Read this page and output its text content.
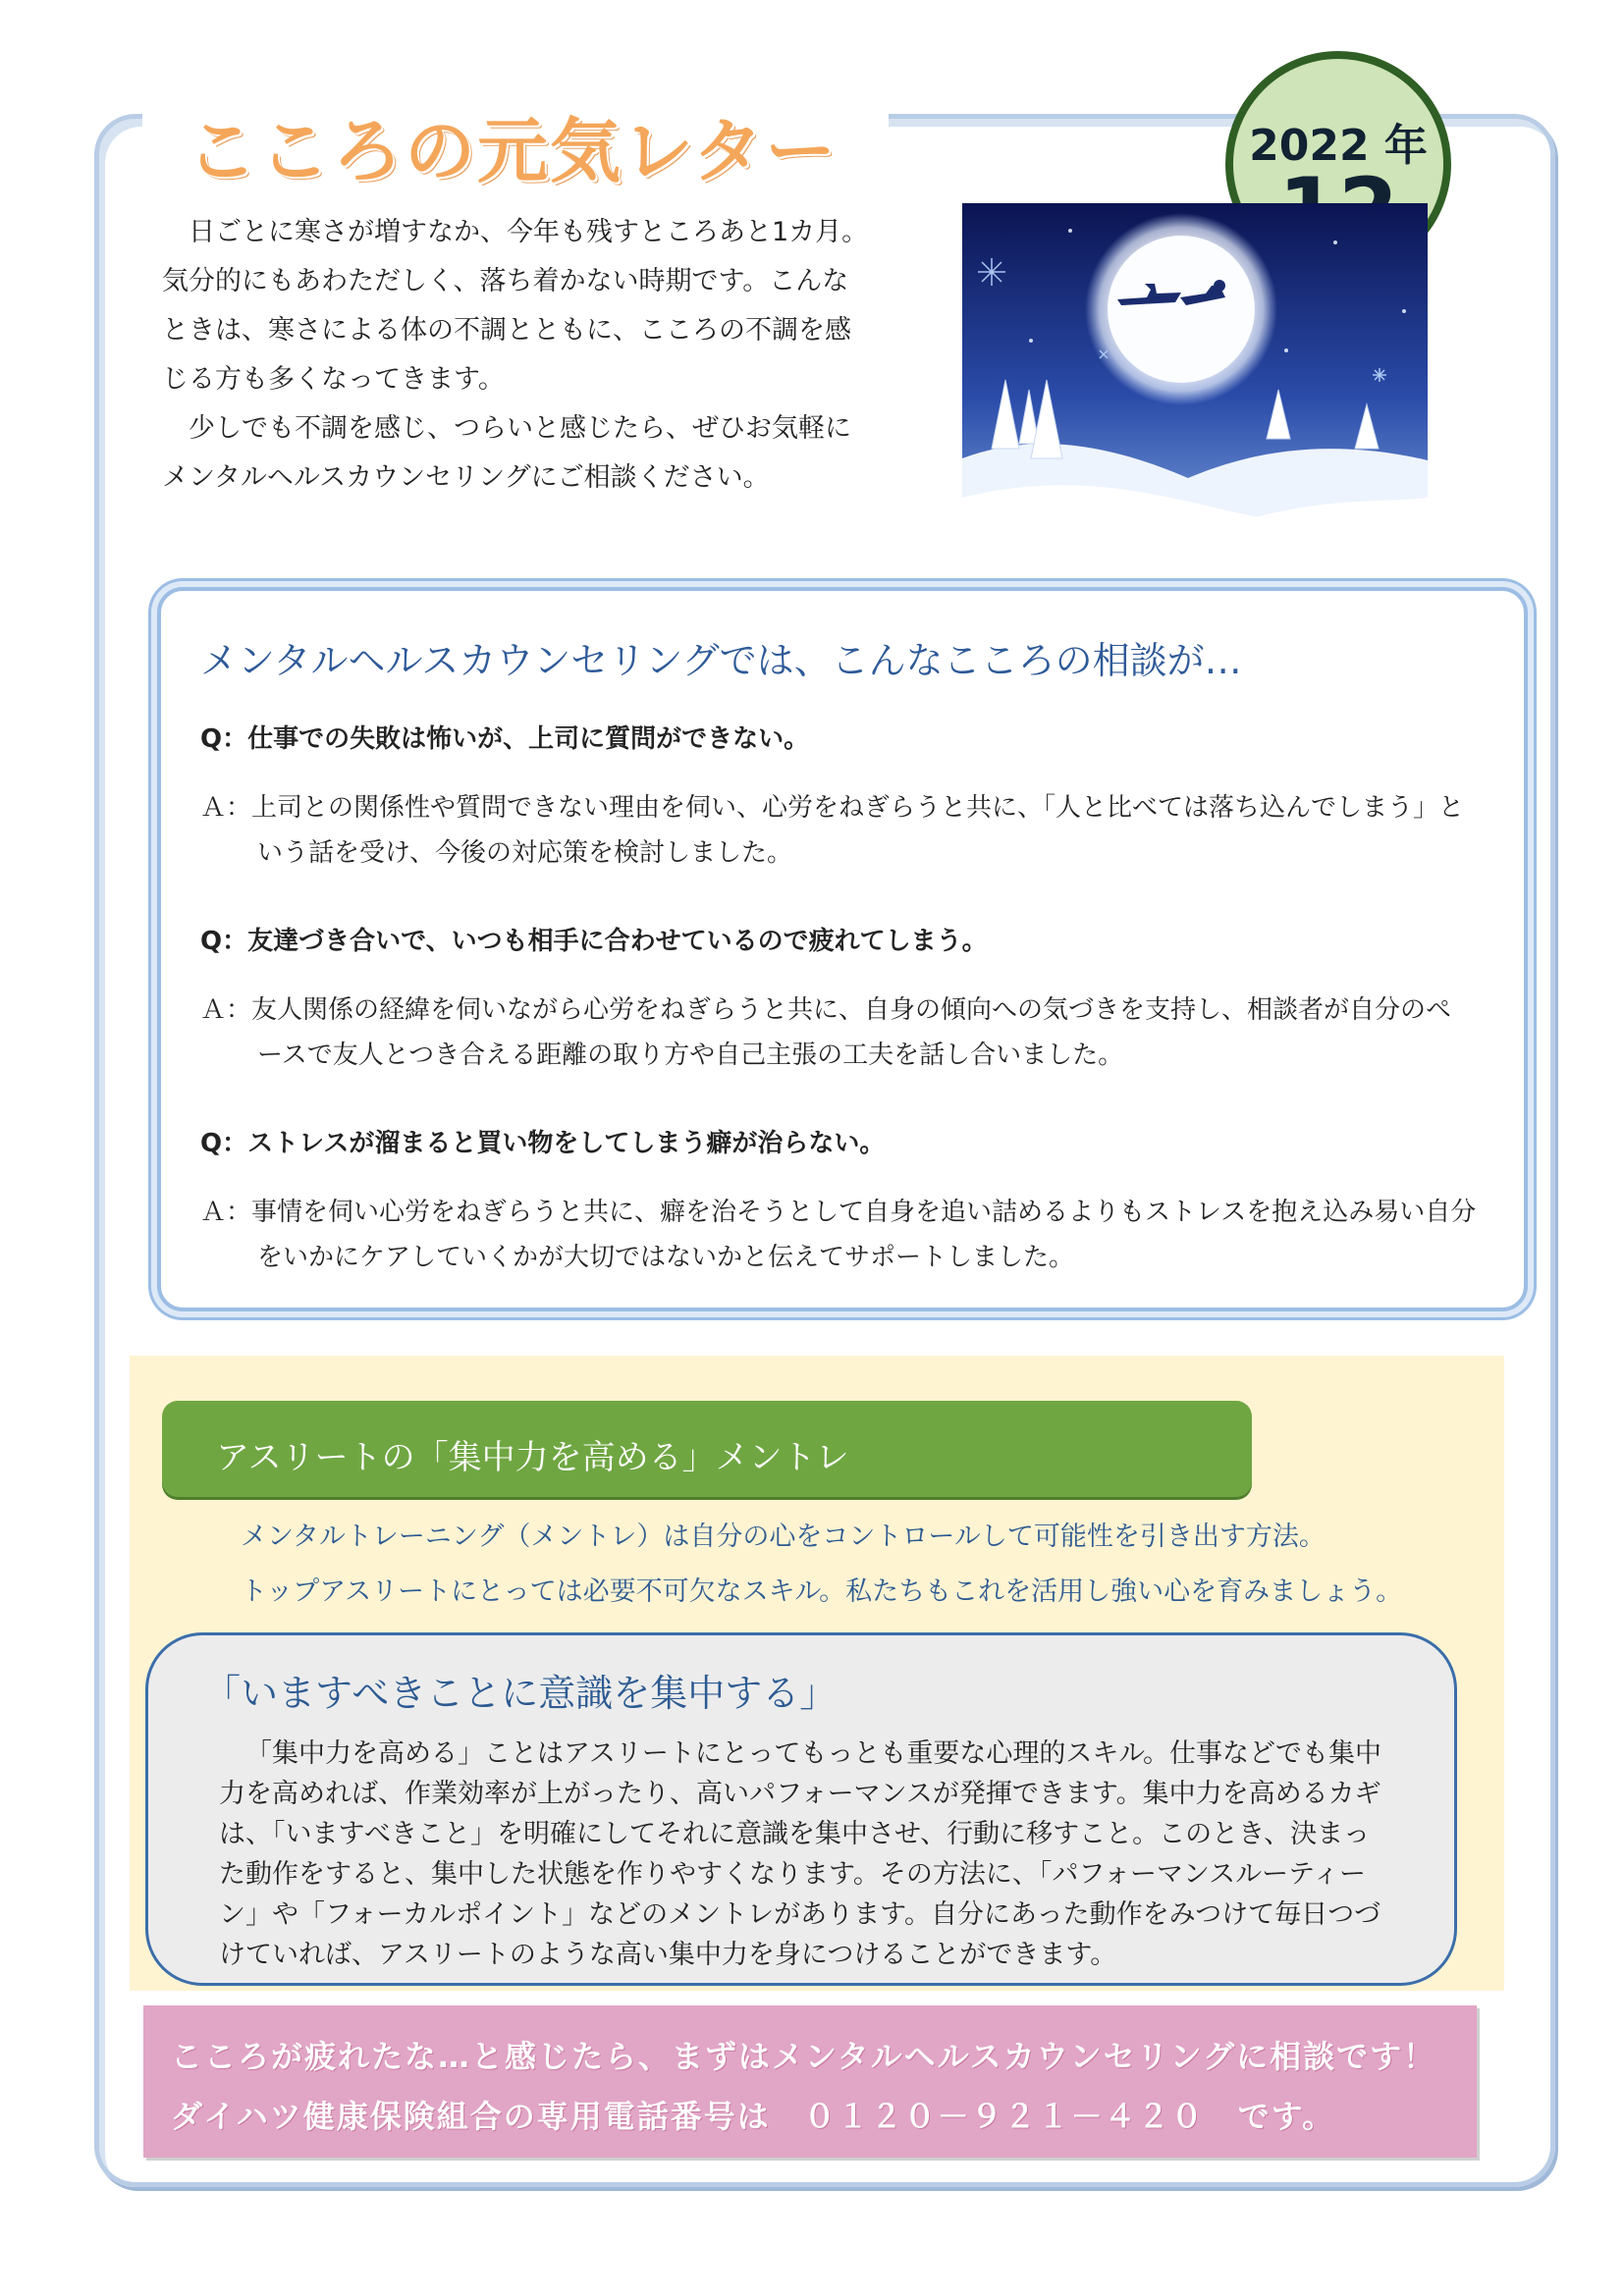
こころの元気レター	2022 年

日ごとに寒さが増すなか、今年も残すところあと1カ月。気分的にもあわただしく、落ち着かない時期です。こんなときは、寒さによる体の不調とともに、こころの不調を感じる方も多くなってきます。

少しでも不調を感じ、つらいと感じたら、ぜひお気軽にメンタルヘルスカウンセリングにご相談ください。

メンタルヘルスカウンセリングでは、こんなこころの相談が…
Q：仕事での失敗は怖いが、上司に質問ができない。
Ａ：上司との関係性や質問できない理由を伺い、心労をねぎらうと共に、「人と比べては落ち込んでしまう」という話を受け、今後の対応策を検討しました。
Q：友達づき合いで、いつも相手に合わせているので疲れてしまう。
Ａ：友人関係の経緯を伺いながら心労をねぎらうと共に、自身の傾向への気づきを支持し、相談者が自分のペースで友人とつき合える距離の取り方や自己主張の工夫を話し合いました。
Q：ストレスが溜まると買い物をしてしまう癖が治らない。
Ａ：事情を伺い心労をねぎらうと共に、癖を治そうとして自身を追い詰めるよりもストレスを抱え込み易い自分をいかにケアしていくかが大切ではないかと伝えてサポートしました。
アスリートの「集中力を高める」メントレ
メンタルトレーニング（メントレ）は自分の心をコントロールして可能性を引き出す方法。
トップアスリートにとっては必要不可欠なスキル。私たちもこれを活用し強い心を育みましょう。
「いますべきことに意識を集中する」

「集中力を高める」ことはアスリートにとってもっとも重要な心理的スキル。仕事などでも集中力を高めれば、作業効率が上がったり、高いパフォーマンスが発揮できます。集中力を高めるカギは、「いますべきこと」を明確にしてそれに意識を集中させ、行動に移すこと。このとき、決まった動作をすると、集中した状態を作りやすくなります。その方法に、「パフォーマンスルーティーン」や「フォーカルポイント」などのメントレがあります。自分にあった動作をみつけて毎日つづけていれば、アスリートのような高い集中力を身につけることができます。

こころが疲れたな…と感じたら、まずはメンタルヘルスカウンセリングに相談です！
ダイハツ健康保険組合の専用電話番号は　０１２０－９２１－４２０　です。
